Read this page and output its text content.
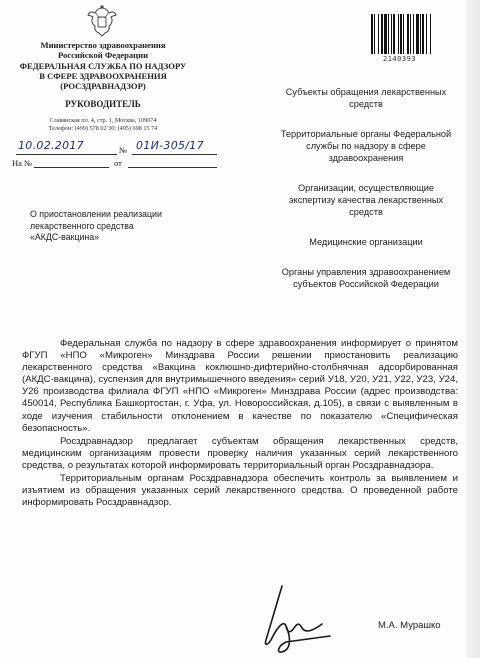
Министерство здравоохранения
Российской Федерации
ФЕДЕРАЛЬНАЯ СЛУЖБА ПО НАДЗОРУ
В СФЕРЕ ЗДРАВООХРАНЕНИЯ
(РОСЗДРАВНАДЗОР)
РУКОВОДИТЕЛЬ
Славянская пл. 4, стр. 1, Москва, 109074
Телефон: (499) 578 02 30; (495) 698 15 74
№
10.02.2017	01И-305/17
На №	от
О приостановлении реализации
лекарственного средства
«АКДС-вакцина»
2140393
Субъекты обращения лекарственных средств
Территориальные органы Федеральной службы по надзору в сфере здравоохранения
Организации, осуществляющие экспертизу качества лекарственных средств
Медицинские организации
Органы управления здравоохранением субъектов Российской Федерации

Федеральная служба по надзору в сфере здравоохранения информирует о принятом ФГУП «НПО «Микроген» Минздрава России решении приостановить реализацию лекарственного средства «Вакцина коклюшно-дифтерийно-столбнячная адсорбированная (АКДС-вакцина), суспензия для внутримышечного введения» серий У18, У20, У21, У22, У23, У24, У26 производства филиала ФГУП «НПО «Микроген» Минздрава России (адрес производства: 450014, Республика Башкортостан, г. Уфа, ул. Новороссийская, д.105), в связи с выявленным в ходе изучения стабильности отклонением в качестве по показателю «Специфическая безопасность».

Росздравнадзор предлагает субъектам обращения лекарственных средств, медицинским организациям провести проверку наличия указанных серий лекарственного средства, о результатах которой информировать территориальный орган Росздравнадзора.

Территориальным органам Росздравнадзора обеспечить контроль за выявлением и изъятием из обращения указанных серий лекарственного средства. О проведенной работе информировать Росздравнадзор.

М.А. Мурашко
